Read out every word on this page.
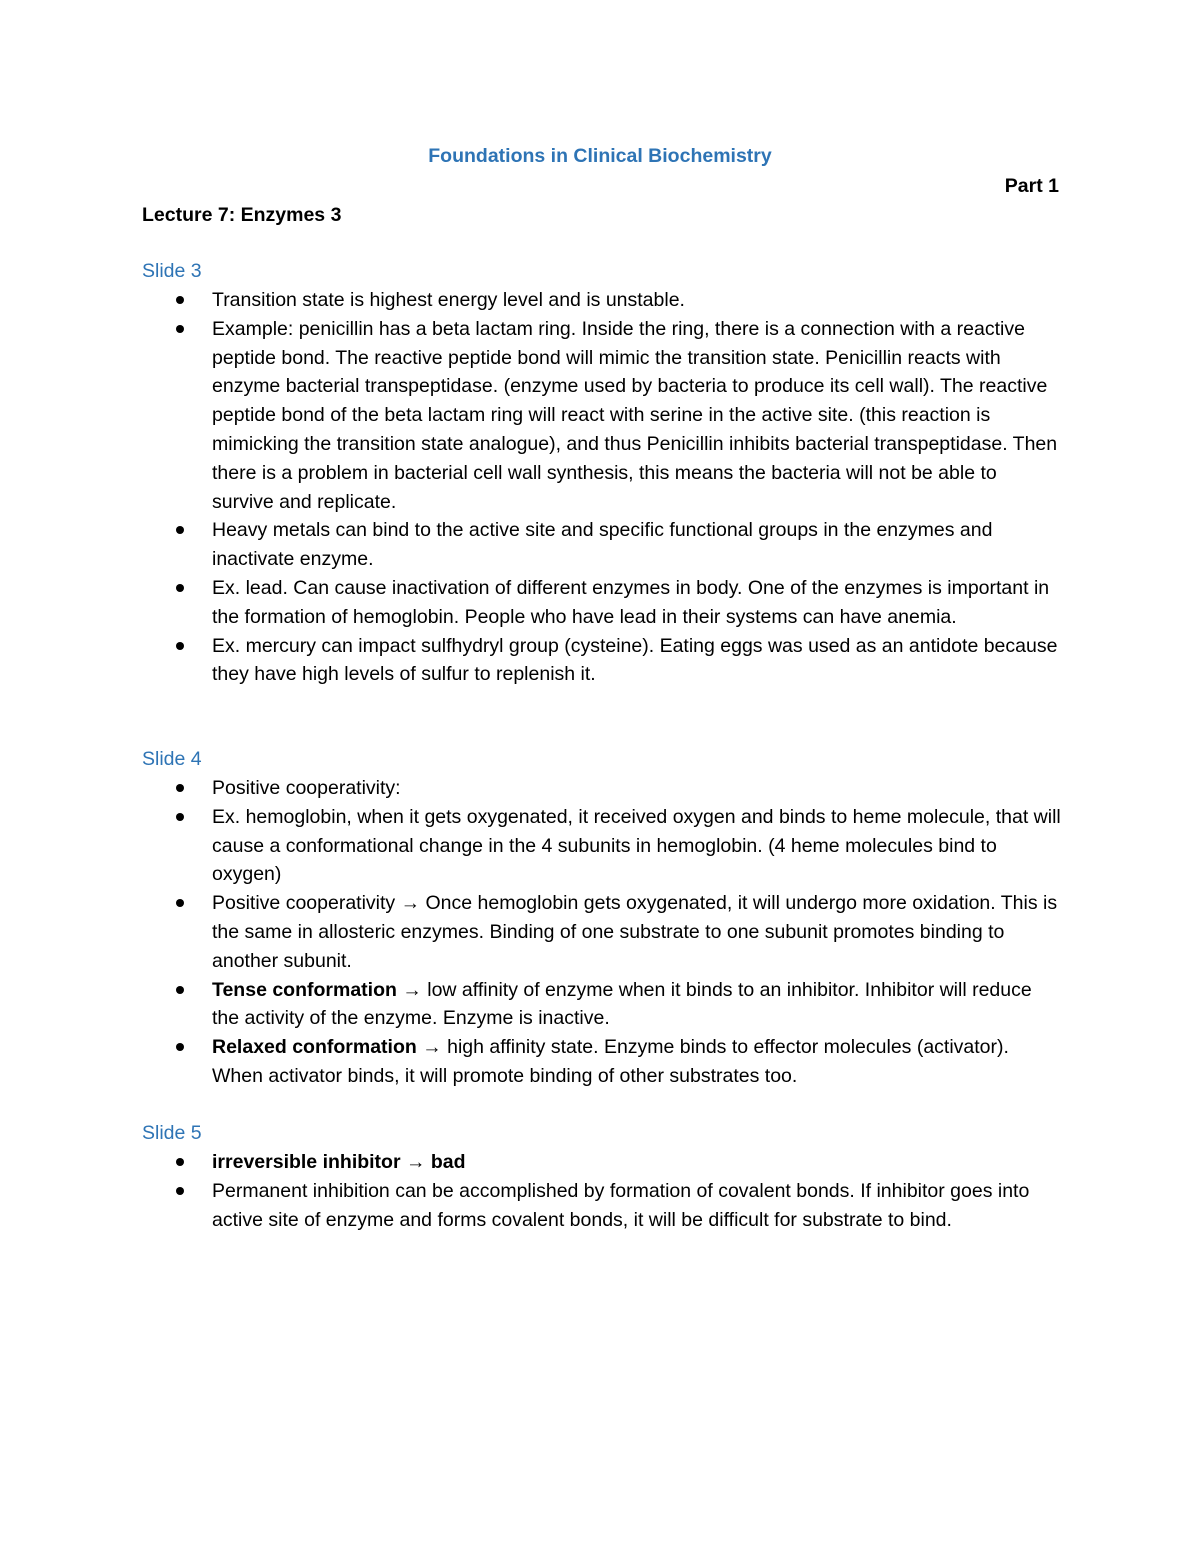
Foundations in Clinical Biochemistry
Part 1
Lecture 7: Enzymes 3
Slide 3
Transition state is highest energy level and is unstable.
Example: penicillin has a beta lactam ring. Inside the ring, there is a connection with a reactive peptide bond. The reactive peptide bond will mimic the transition state. Penicillin reacts with enzyme bacterial transpeptidase. (enzyme used by bacteria to produce its cell wall). The reactive peptide bond of the beta lactam ring will react with serine in the active site. (this reaction is mimicking the transition state analogue), and thus Penicillin inhibits bacterial transpeptidase. Then there is a problem in bacterial cell wall synthesis, this means the bacteria will not be able to survive and replicate.
Heavy metals can bind to the active site and specific functional groups in the enzymes and inactivate enzyme.
Ex. lead. Can cause inactivation of different enzymes in body. One of the enzymes is important in the formation of hemoglobin. People who have lead in their systems can have anemia.
Ex. mercury can impact sulfhydryl group (cysteine). Eating eggs was used as an antidote because they have high levels of sulfur to replenish it.
Slide 4
Positive cooperativity:
Ex. hemoglobin, when it gets oxygenated, it received oxygen and binds to heme molecule, that will cause a conformational change in the 4 subunits in hemoglobin. (4 heme molecules bind to oxygen)
Positive cooperativity → Once hemoglobin gets oxygenated, it will undergo more oxidation. This is the same in allosteric enzymes. Binding of one substrate to one subunit promotes binding to another subunit.
Tense conformation → low affinity of enzyme when it binds to an inhibitor. Inhibitor will reduce the activity of the enzyme. Enzyme is inactive.
Relaxed conformation → high affinity state. Enzyme binds to effector molecules (activator). When activator binds, it will promote binding of other substrates too.
Slide 5
irreversible inhibitor → bad
Permanent inhibition can be accomplished by formation of covalent bonds. If inhibitor goes into active site of enzyme and forms covalent bonds, it will be difficult for substrate to bind.
